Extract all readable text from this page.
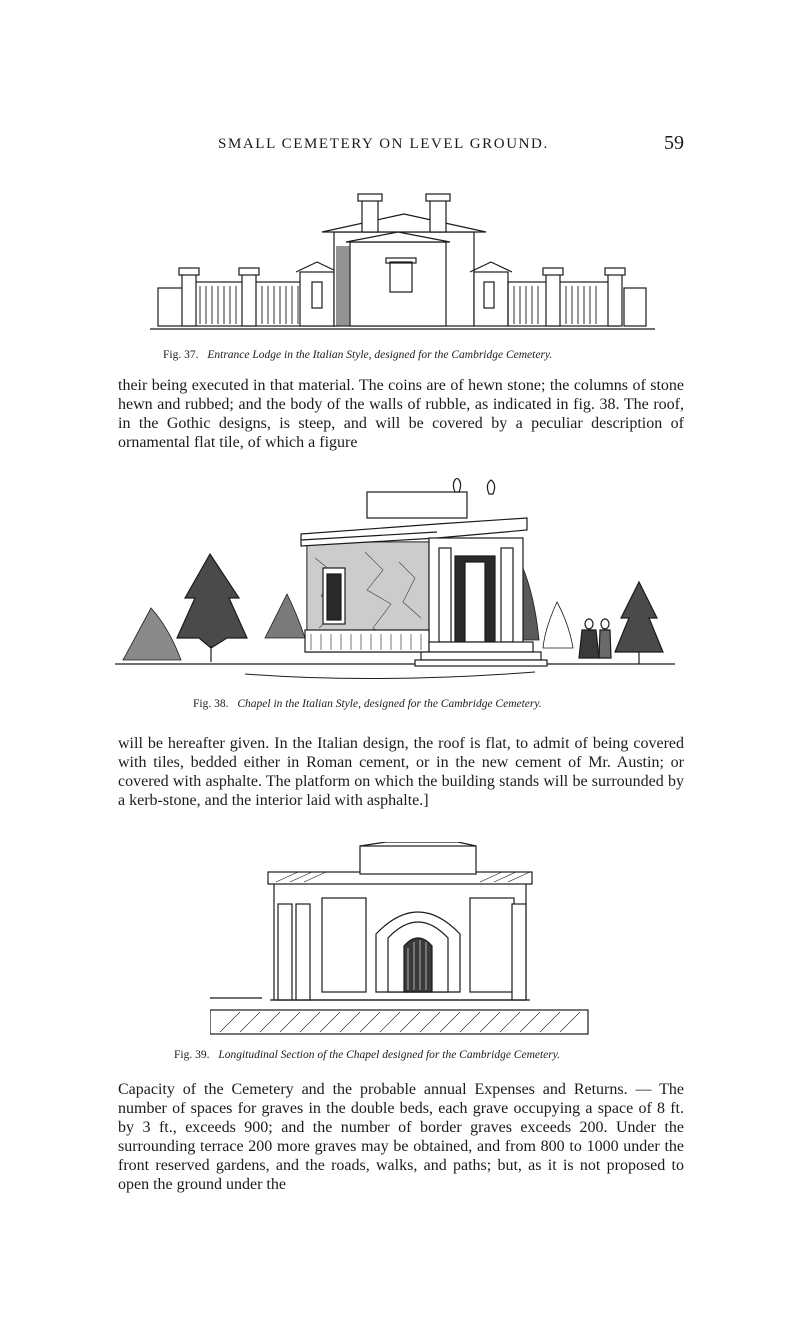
SMALL CEMETERY ON LEVEL GROUND.	59
Fig. 37. Entrance Lodge in the Italian Style, designed for the Cambridge Cemetery.

their being executed in that material. The coins are of hewn stone; the columns of stone hewn and rubbed; and the body of the walls of rubble, as indicated in fig. 38. The roof, in the Gothic designs, is steep, and will be covered by a peculiar description of ornamental flat tile, of which a figure

Fig. 38. Chapel in the Italian Style, designed for the Cambridge Cemetery.

will be hereafter given. In the Italian design, the roof is flat, to admit of being covered with tiles, bedded either in Roman cement, or in the new cement of Mr. Austin; or covered with asphalte. The platform on which the building stands will be surrounded by a kerb-stone, and the interior laid with asphalte.]

Fig. 39. Longitudinal Section of the Chapel designed for the Cambridge Cemetery.

Capacity of the Cemetery and the probable annual Expenses and Returns. — The number of spaces for graves in the double beds, each grave occupying a space of 8 ft. by 3 ft., exceeds 900; and the number of border graves exceeds 200. Under the surrounding terrace 200 more graves may be obtained, and from 800 to 1000 under the front reserved gardens, and the roads, walks, and paths; but, as it is not proposed to open the ground under the
